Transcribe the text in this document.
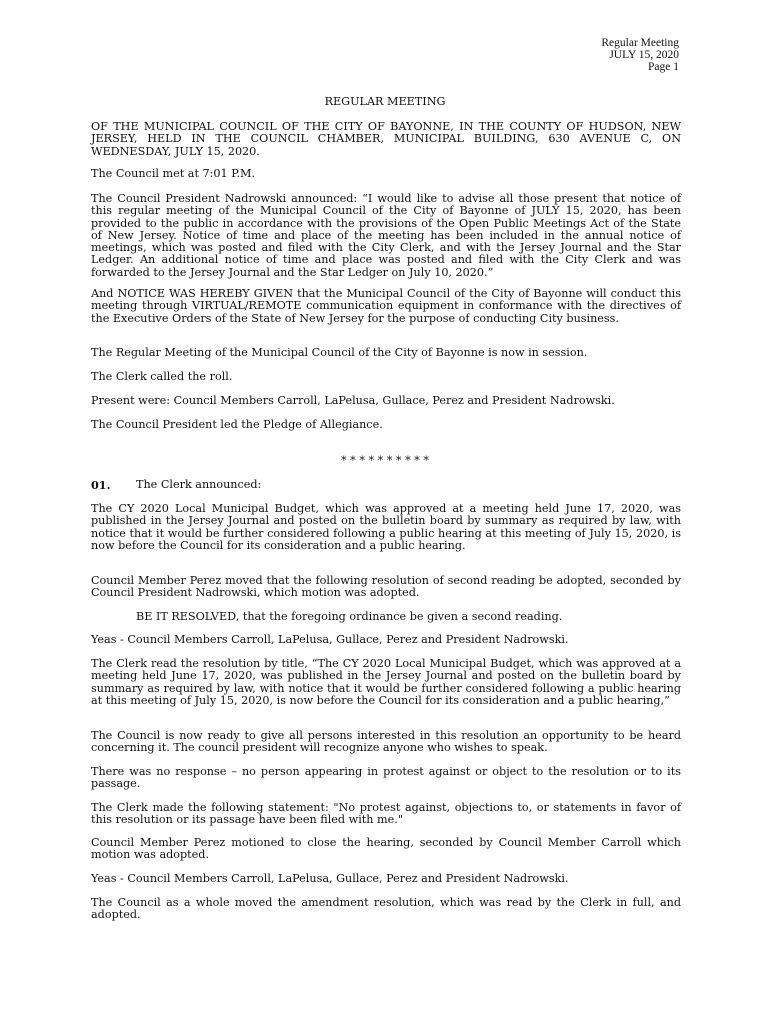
Regular Meeting
JULY 15, 2020
Page 1
REGULAR MEETING

OF THE MUNICIPAL COUNCIL OF THE CITY OF BAYONNE, IN THE COUNTY OF HUDSON, NEW JERSEY, HELD IN THE COUNCIL CHAMBER, MUNICIPAL BUILDING, 630 AVENUE C, ON WEDNESDAY, JULY 15, 2020.

The Council met at 7:01 P.M.

The Council President Nadrowski announced: “I would like to advise all those present that notice of this regular meeting of the Municipal Council of the City of Bayonne of JULY 15, 2020, has been provided to the public in accordance with the provisions of the Open Public Meetings Act of the State of New Jersey. Notice of time and place of the meeting has been included in the annual notice of meetings, which was posted and filed with the City Clerk, and with the Jersey Journal and the Star Ledger. An additional notice of time and place was posted and filed with the City Clerk and was forwarded to the Jersey Journal and the Star Ledger on July 10, 2020.”

And NOTICE WAS HEREBY GIVEN that the Municipal Council of the City of Bayonne will conduct this meeting through VIRTUAL/REMOTE communication equipment in conformance with the directives of the Executive Orders of the State of New Jersey for the purpose of conducting City business.

The Regular Meeting of the Municipal Council of the City of Bayonne is now in session.

The Clerk called the roll.

Present were: Council Members Carroll, LaPelusa, Gullace, Perez and President Nadrowski.

The Council President led the Pledge of Allegiance.

* * * * * * * * * *
01. The Clerk announced:

The CY 2020 Local Municipal Budget, which was approved at a meeting held June 17, 2020, was published in the Jersey Journal and posted on the bulletin board by summary as required by law, with notice that it would be further considered following a public hearing at this meeting of July 15, 2020, is now before the Council for its consideration and a public hearing.

Council Member Perez moved that the following resolution of second reading be adopted, seconded by Council President Nadrowski, which motion was adopted.

BE IT RESOLVED, that the foregoing ordinance be given a second reading.

Yeas - Council Members Carroll, LaPelusa, Gullace, Perez and President Nadrowski.

The Clerk read the resolution by title, “The CY 2020 Local Municipal Budget, which was approved at a meeting held June 17, 2020, was published in the Jersey Journal and posted on the bulletin board by summary as required by law, with notice that it would be further considered following a public hearing at this meeting of July 15, 2020, is now before the Council for its consideration and a public hearing,”

The Council is now ready to give all persons interested in this resolution an opportunity to be heard concerning it. The council president will recognize anyone who wishes to speak.

There was no response – no person appearing in protest against or object to the resolution or to its passage.

The Clerk made the following statement: "No protest against, objections to, or statements in favor of this resolution or its passage have been filed with me."

Council Member Perez motioned to close the hearing, seconded by Council Member Carroll which motion was adopted.

Yeas - Council Members Carroll, LaPelusa, Gullace, Perez and President Nadrowski.

The Council as a whole moved the amendment resolution, which was read by the Clerk in full, and adopted.
